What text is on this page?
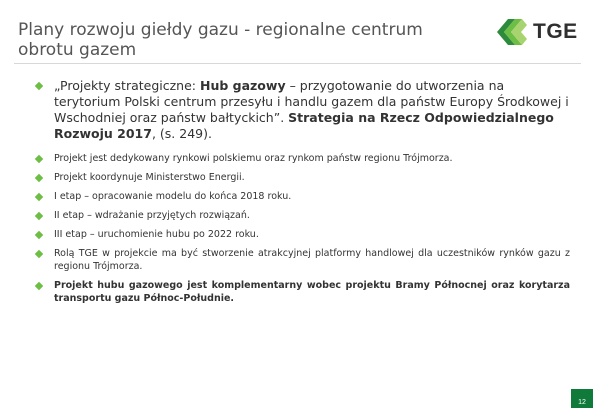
Plany rozwoju giełdy gazu - regionalne centrum obrotu gazem
TGE
„Projekty strategiczne: Hub gazowy – przygotowanie do utworzenia na terytorium Polski centrum przesyłu i handlu gazem dla państw Europy Środkowej i Wschodniej oraz państw bałtyckich”. Strategia na Rzecz Odpowiedzialnego Rozwoju 2017, (s. 249).
Projekt jest dedykowany rynkowi polskiemu oraz rynkom państw regionu Trójmorza.
Projekt koordynuje Ministerstwo Energii.
I etap – opracowanie modelu do końca 2018 roku.
II etap – wdrażanie przyjętych rozwiązań.
III etap – uruchomienie hubu po 2022 roku.
Rolą TGE w projekcie ma być stworzenie atrakcyjnej platformy handlowej dla uczestników rynków gazu z regionu Trójmorza.
Projekt hubu gazowego jest komplementarny wobec projektu Bramy Północnej oraz korytarza transportu gazu Północ-Południe.
12
